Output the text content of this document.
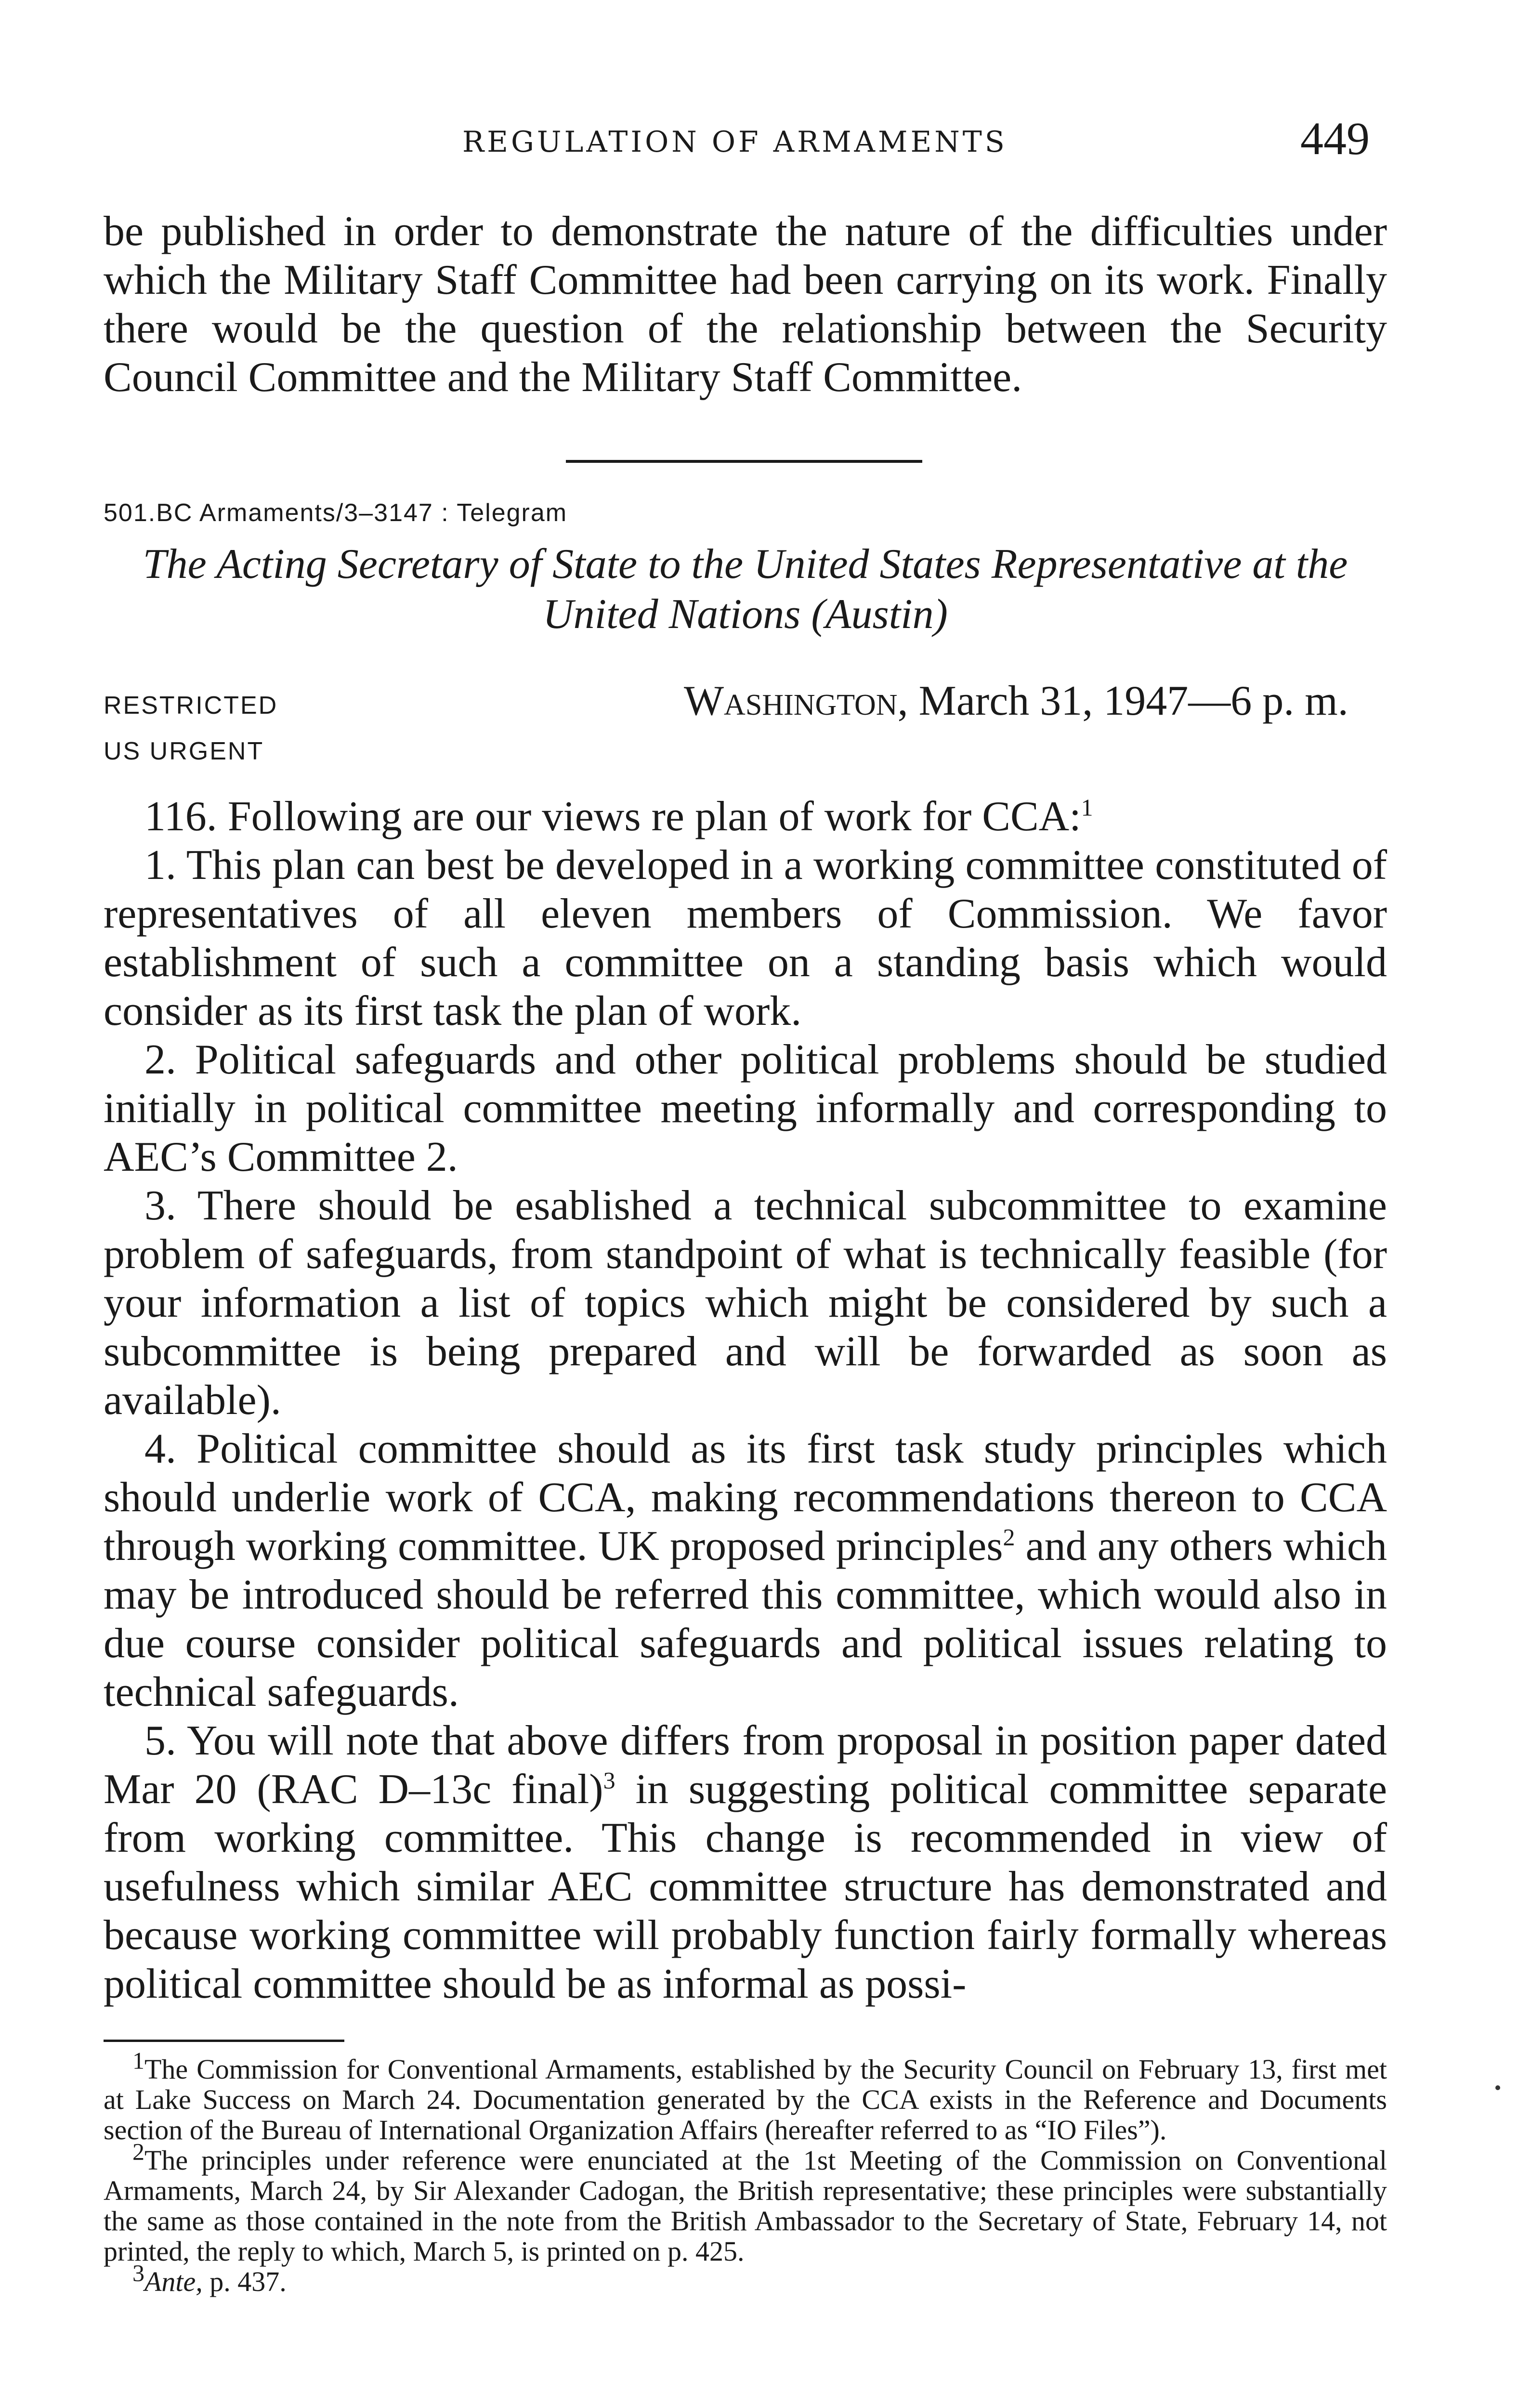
REGULATION OF ARMAMENTS	449

be published in order to demonstrate the nature of the difficulties under which the Military Staff Committee had been carrying on its work. Finally there would be the question of the relationship between the Security Council Committee and the Military Staff Committee.

501.BC Armaments/3–3147 : Telegram
The Acting Secretary of State to the United States Representative at the United Nations (Austin)
RESTRICTED
US URGENT
Washington, March 31, 1947—6 p. m.

116. Following are our views re plan of work for CCA:$^1$

1. This plan can best be developed in a working committee constituted of representatives of all eleven members of Commission. We favor establishment of such a committee on a standing basis which would consider as its first task the plan of work.

2. Political safeguards and other political problems should be studied initially in political committee meeting informally and corresponding to AEC’s Committee 2.

3. There should be esablished a technical subcommittee to examine problem of safeguards, from standpoint of what is technically feasible (for your information a list of topics which might be considered by such a subcommittee is being prepared and will be forwarded as soon as available).

4. Political committee should as its first task study principles which should underlie work of CCA, making recommendations thereon to CCA through working committee. UK proposed principles$^2$ and any others which may be introduced should be referred this committee, which would also in due course consider political safeguards and political issues relating to technical safeguards.

5. You will note that above differs from proposal in position paper dated Mar 20 (RAC D–13c final)$^3$ in suggesting political committee separate from working committee. This change is recommended in view of usefulness which similar AEC committee structure has demonstrated and because working committee will probably function fairly formally whereas political committee should be as informal as possi-

$^1$The Commission for Conventional Armaments, established by the Security Council on February 13, first met at Lake Success on March 24. Documentation generated by the CCA exists in the Reference and Documents section of the Bureau of International Organization Affairs (hereafter referred to as “IO Files”).

$^2$The principles under reference were enunciated at the 1st Meeting of the Commission on Conventional Armaments, March 24, by Sir Alexander Cadogan, the British representative; these principles were substantially the same as those contained in the note from the British Ambassador to the Secretary of State, February 14, not printed, the reply to which, March 5, is printed on p. 425.

$^3$Ante, p. 437.
